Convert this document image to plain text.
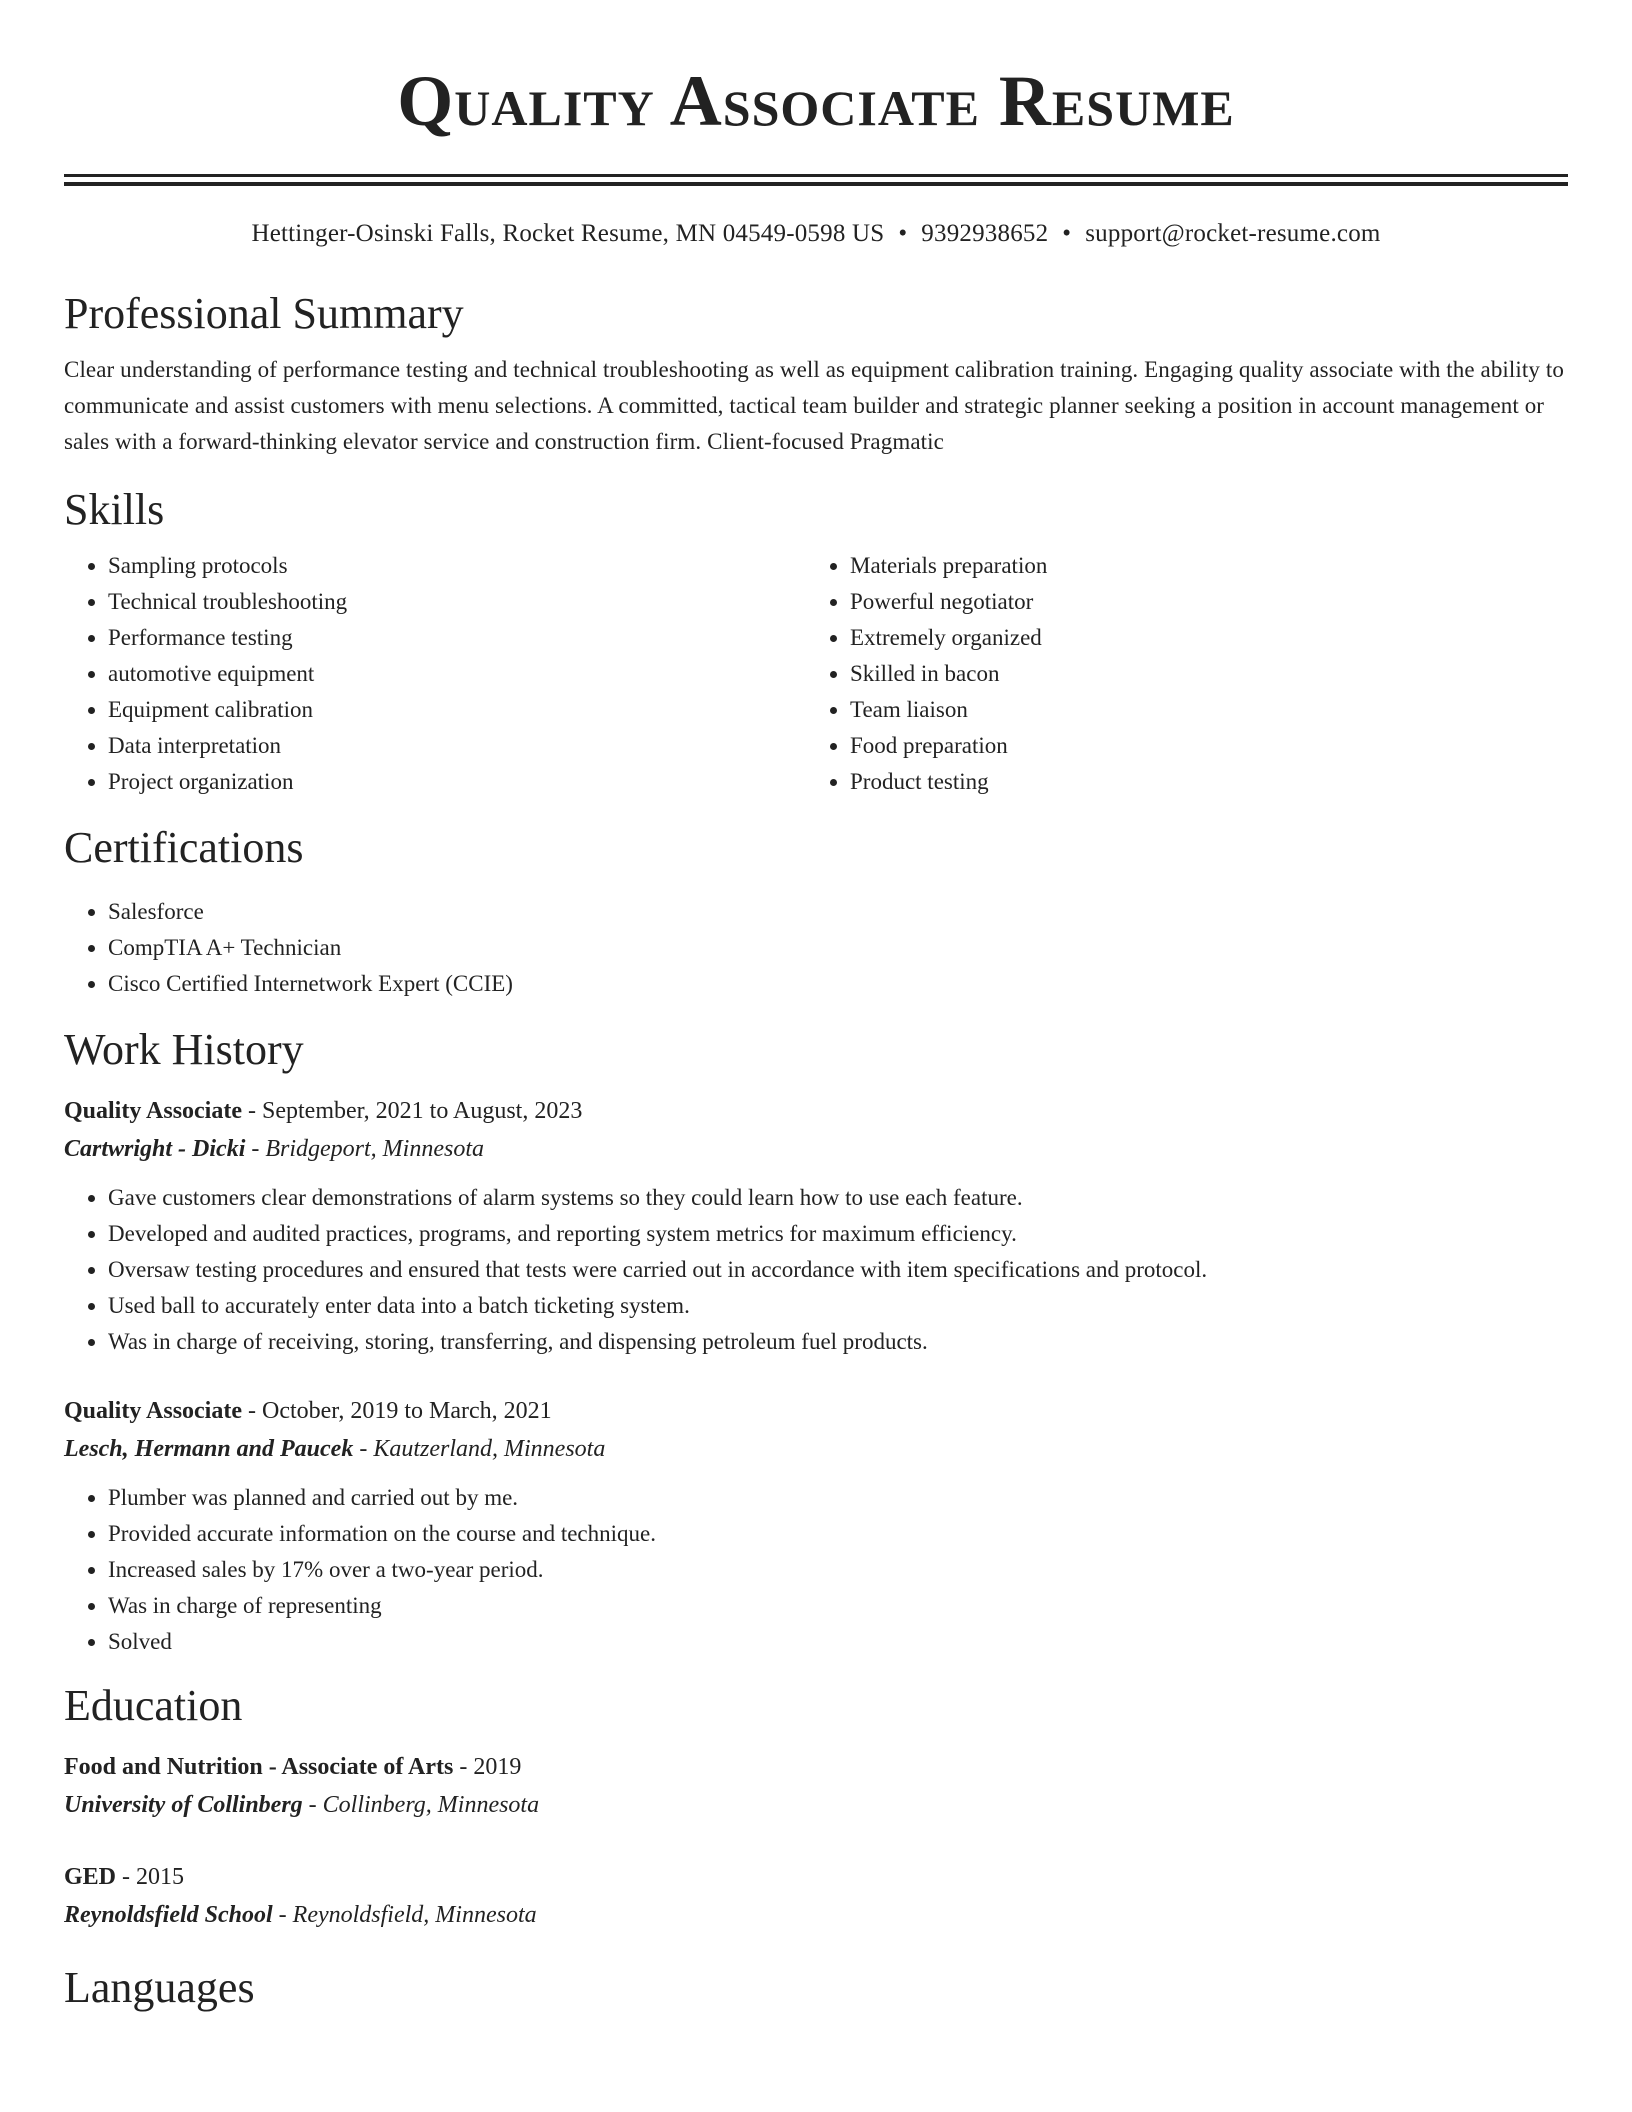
Quality Associate Resume
Hettinger-Osinski Falls, Rocket Resume, MN 04549-0598 US • 9392938652 • support@rocket-resume.com
Professional Summary
Clear understanding of performance testing and technical troubleshooting as well as equipment calibration training. Engaging quality associate with the ability to communicate and assist customers with menu selections. A committed, tactical team builder and strategic planner seeking a position in account management or sales with a forward-thinking elevator service and construction firm. Client-focused Pragmatic
Skills
• Sampling protocols
• Technical troubleshooting
• Performance testing
• automotive equipment
• Equipment calibration
• Data interpretation
• Project organization
• Materials preparation
• Powerful negotiator
• Extremely organized
• Skilled in bacon
• Team liaison
• Food preparation
• Product testing
Certifications
• Salesforce
• CompTIA A+ Technician
• Cisco Certified Internetwork Expert (CCIE)
Work History
Quality Associate - September, 2021 to August, 2023
Cartwright - Dicki - Bridgeport, Minnesota
• Gave customers clear demonstrations of alarm systems so they could learn how to use each feature.
• Developed and audited practices, programs, and reporting system metrics for maximum efficiency.
• Oversaw testing procedures and ensured that tests were carried out in accordance with item specifications and protocol.
• Used ball to accurately enter data into a batch ticketing system.
• Was in charge of receiving, storing, transferring, and dispensing petroleum fuel products.
Quality Associate - October, 2019 to March, 2021
Lesch, Hermann and Paucek - Kautzerland, Minnesota
• Plumber was planned and carried out by me.
• Provided accurate information on the course and technique.
• Increased sales by 17% over a two-year period.
• Was in charge of representing
• Solved
Education
Food and Nutrition - Associate of Arts - 2019
University of Collinberg - Collinberg, Minnesota
GED - 2015
Reynoldsfield School - Reynoldsfield, Minnesota
Languages
